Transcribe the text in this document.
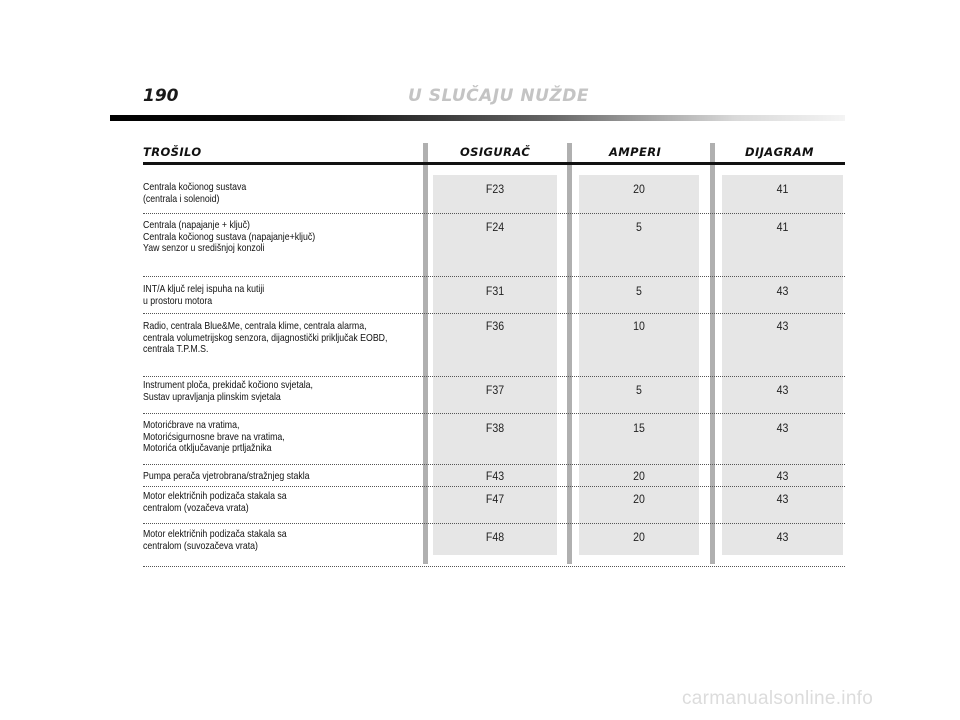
190	U SLUČAJU NUŽDE
TROŠILO	OSIGURAČ	AMPERI	DIJAGRAM
Centrala kočionog sustava
(centrala i solenoid)
F23	20	41
Centrala (napajanje + ključ)
Centrala kočionog sustava (napajanje+ključ)
Yaw senzor u središnjoj konzoli
F24	5	41
INT/A ključ relej ispuha na kutiji
u prostoru motora
F31	5	43
Radio, centrala Blue&Me, centrala klime, centrala alarma,
centrala volumetrijskog senzora, dijagnostički priključak EOBD,
centrala T.P.M.S.
F36	10	43
Instrument ploča, prekidač kočiono svjetala,
Sustav upravljanja plinskim svjetala
F37	5	43
Motorićbrave na vratima,
Motorićsigurnosne brave na vratima,
Motorića otključavanje prtljažnika
F38	15	43
Pumpa perača vjetrobrana/stražnjeg stakla	F43	20	43
Motor električnih podizača stakala sa
centralom (vozačeva vrata)
F47	20	43
Motor električnih podizača stakala sa
centralom (suvozačeva vrata)
F48	20	43
carmanualsonline.info
